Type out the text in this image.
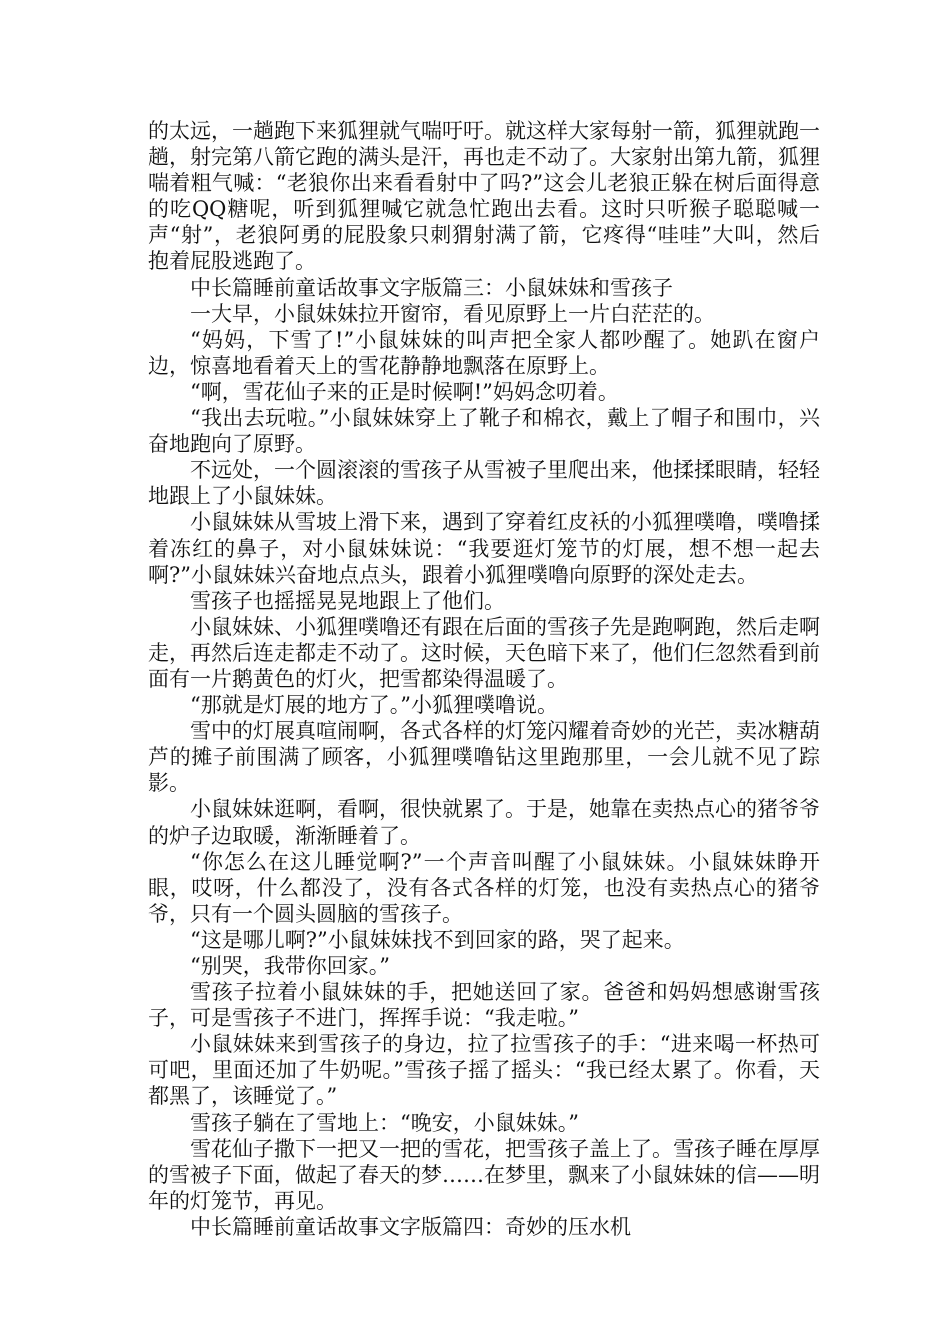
的太远，一趟跑下来狐狸就气喘吁吁。就这样大家每射一箭，狐狸就跑一趟，射完第八箭它跑的满头是汗，再也走不动了。大家射出第九箭，狐狸喘着粗气喊：“老狼你出来看看射中了吗?”这会儿老狼正躲在树后面得意的吃QQ糖呢，听到狐狸喊它就急忙跑出去看。这时只听猴子聪聪喊一声“射”，老狼阿勇的屁股象只刺猬射满了箭，它疼得“哇哇”大叫，然后抱着屁股逃跑了。

中长篇睡前童话故事文字版篇三：小鼠妹妹和雪孩子

一大早，小鼠妹妹拉开窗帘，看见原野上一片白茫茫的。

“妈妈，下雪了!”小鼠妹妹的叫声把全家人都吵醒了。她趴在窗户边，惊喜地看着天上的雪花静静地飘落在原野上。

“啊，雪花仙子来的正是时候啊!”妈妈念叨着。

“我出去玩啦。”小鼠妹妹穿上了靴子和棉衣，戴上了帽子和围巾，兴奋地跑向了原野。

不远处，一个圆滚滚的雪孩子从雪被子里爬出来，他揉揉眼睛，轻轻地跟上了小鼠妹妹。

小鼠妹妹从雪坡上滑下来，遇到了穿着红皮袄的小狐狸噗噜，噗噜揉着冻红的鼻子，对小鼠妹妹说：“我要逛灯笼节的灯展，想不想一起去啊?”小鼠妹妹兴奋地点点头，跟着小狐狸噗噜向原野的深处走去。

雪孩子也摇摇晃晃地跟上了他们。

小鼠妹妹、小狐狸噗噜还有跟在后面的雪孩子先是跑啊跑，然后走啊走，再然后连走都走不动了。这时候，天色暗下来了，他们仨忽然看到前面有一片鹅黄色的灯火，把雪都染得温暖了。

“那就是灯展的地方了。”小狐狸噗噜说。

雪中的灯展真喧闹啊，各式各样的灯笼闪耀着奇妙的光芒，卖冰糖葫芦的摊子前围满了顾客，小狐狸噗噜钻这里跑那里，一会儿就不见了踪影。

小鼠妹妹逛啊，看啊，很快就累了。于是，她靠在卖热点心的猪爷爷的炉子边取暖，渐渐睡着了。

“你怎么在这儿睡觉啊?”一个声音叫醒了小鼠妹妹。小鼠妹妹睁开眼，哎呀，什么都没了，没有各式各样的灯笼，也没有卖热点心的猪爷爷，只有一个圆头圆脑的雪孩子。

“这是哪儿啊?”小鼠妹妹找不到回家的路，哭了起来。

“别哭，我带你回家。”

雪孩子拉着小鼠妹妹的手，把她送回了家。爸爸和妈妈想感谢雪孩子，可是雪孩子不进门，挥挥手说：“我走啦。”

小鼠妹妹来到雪孩子的身边，拉了拉雪孩子的手：“进来喝一杯热可可吧，里面还加了牛奶呢。”雪孩子摇了摇头：“我已经太累了。你看，天都黑了，该睡觉了。”

雪孩子躺在了雪地上：“晚安，小鼠妹妹。”

雪花仙子撒下一把又一把的雪花，把雪孩子盖上了。雪孩子睡在厚厚的雪被子下面，做起了春天的梦……在梦里，飘来了小鼠妹妹的信——明年的灯笼节，再见。

中长篇睡前童话故事文字版篇四：奇妙的压水机
